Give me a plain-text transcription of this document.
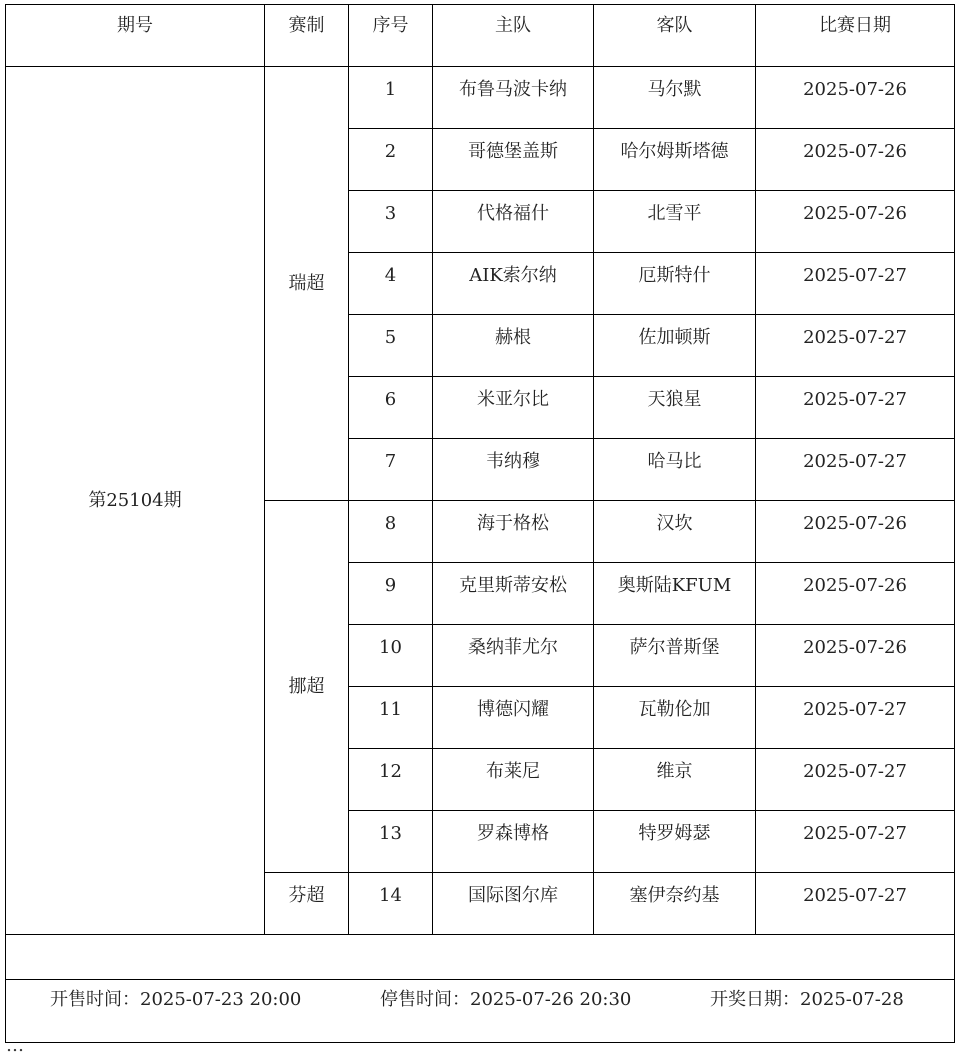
期号	赛制	序号	主队	客队	比赛日期
第25104期	瑞超	1	布鲁马波卡纳	马尔默	2025-07-26
		2	哥德堡盖斯	哈尔姆斯塔德	2025-07-26
		3	代格福什	北雪平	2025-07-26
		4	AIK索尔纳	厄斯特什	2025-07-27
		5	赫根	佐加顿斯	2025-07-27
		6	米亚尔比	天狼星	2025-07-27
		7	韦纳穆	哈马比	2025-07-27
	挪超	8	海于格松	汉坎	2025-07-26
		9	克里斯蒂安松	奥斯陆KFUM	2025-07-26
		10	桑纳菲尤尔	萨尔普斯堡	2025-07-26
		11	博德闪耀	瓦勒伦加	2025-07-27
		12	布莱尼	维京	2025-07-27
		13	罗森博格	特罗姆瑟	2025-07-27
	芬超	14	国际图尔库	塞伊奈约基	2025-07-27

开售时间：2025-07-23 20:00 停售时间：2025-07-26 20:30 开奖日期：2025-07-28					
…
